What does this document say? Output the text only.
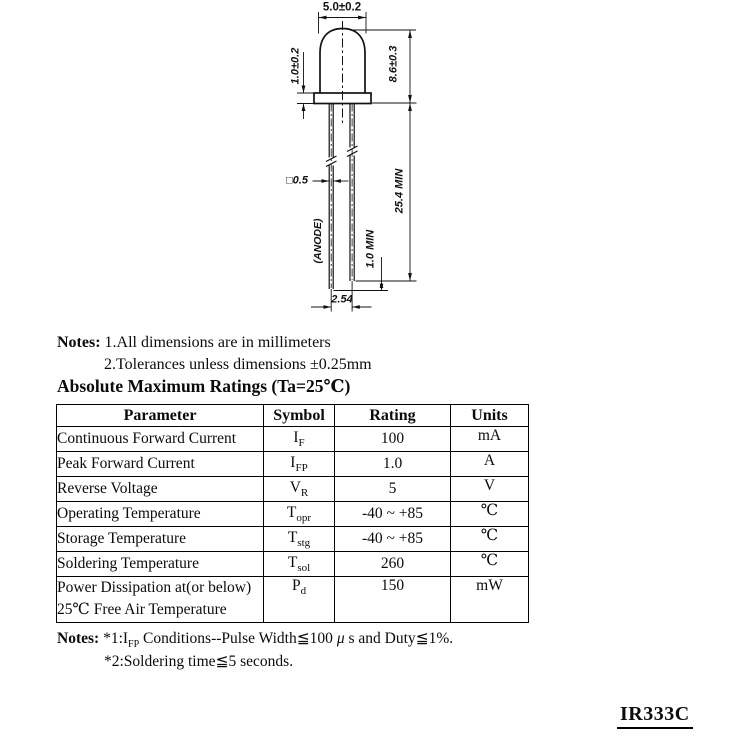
5.0±0.2
1.0±0.2	8.6±0.3
25.4 MIN
□0.5
(ANODE)	1.0 MIN
2.54
Notes: 1.All dimensions are in millimeters
2.Tolerances unless dimensions ±0.25mm
Absolute Maximum Ratings (Ta=25℃)
Parameter	Symbol	Rating	Units
Continuous Forward Current	$I_F$	100	mA
Peak Forward Current	$I_{FP}$	1.0	A
Reverse Voltage	$V_R$	5	V
Operating Temperature	$T_{opr}$	-40 ~ +85	℃
Storage Temperature	$T_{stg}$	-40 ~ +85	℃
Soldering Temperature	$T_{sol}$	260	℃

Power Dissipation at(or below)
25℃ Free Air Temperature	$P_d$	150	mW
Notes: $*1:I_{FP}$ Conditions--Pulse Width≦100 μ s and Duty≦1%.
*2:Soldering time≦5 seconds.
IR333C
